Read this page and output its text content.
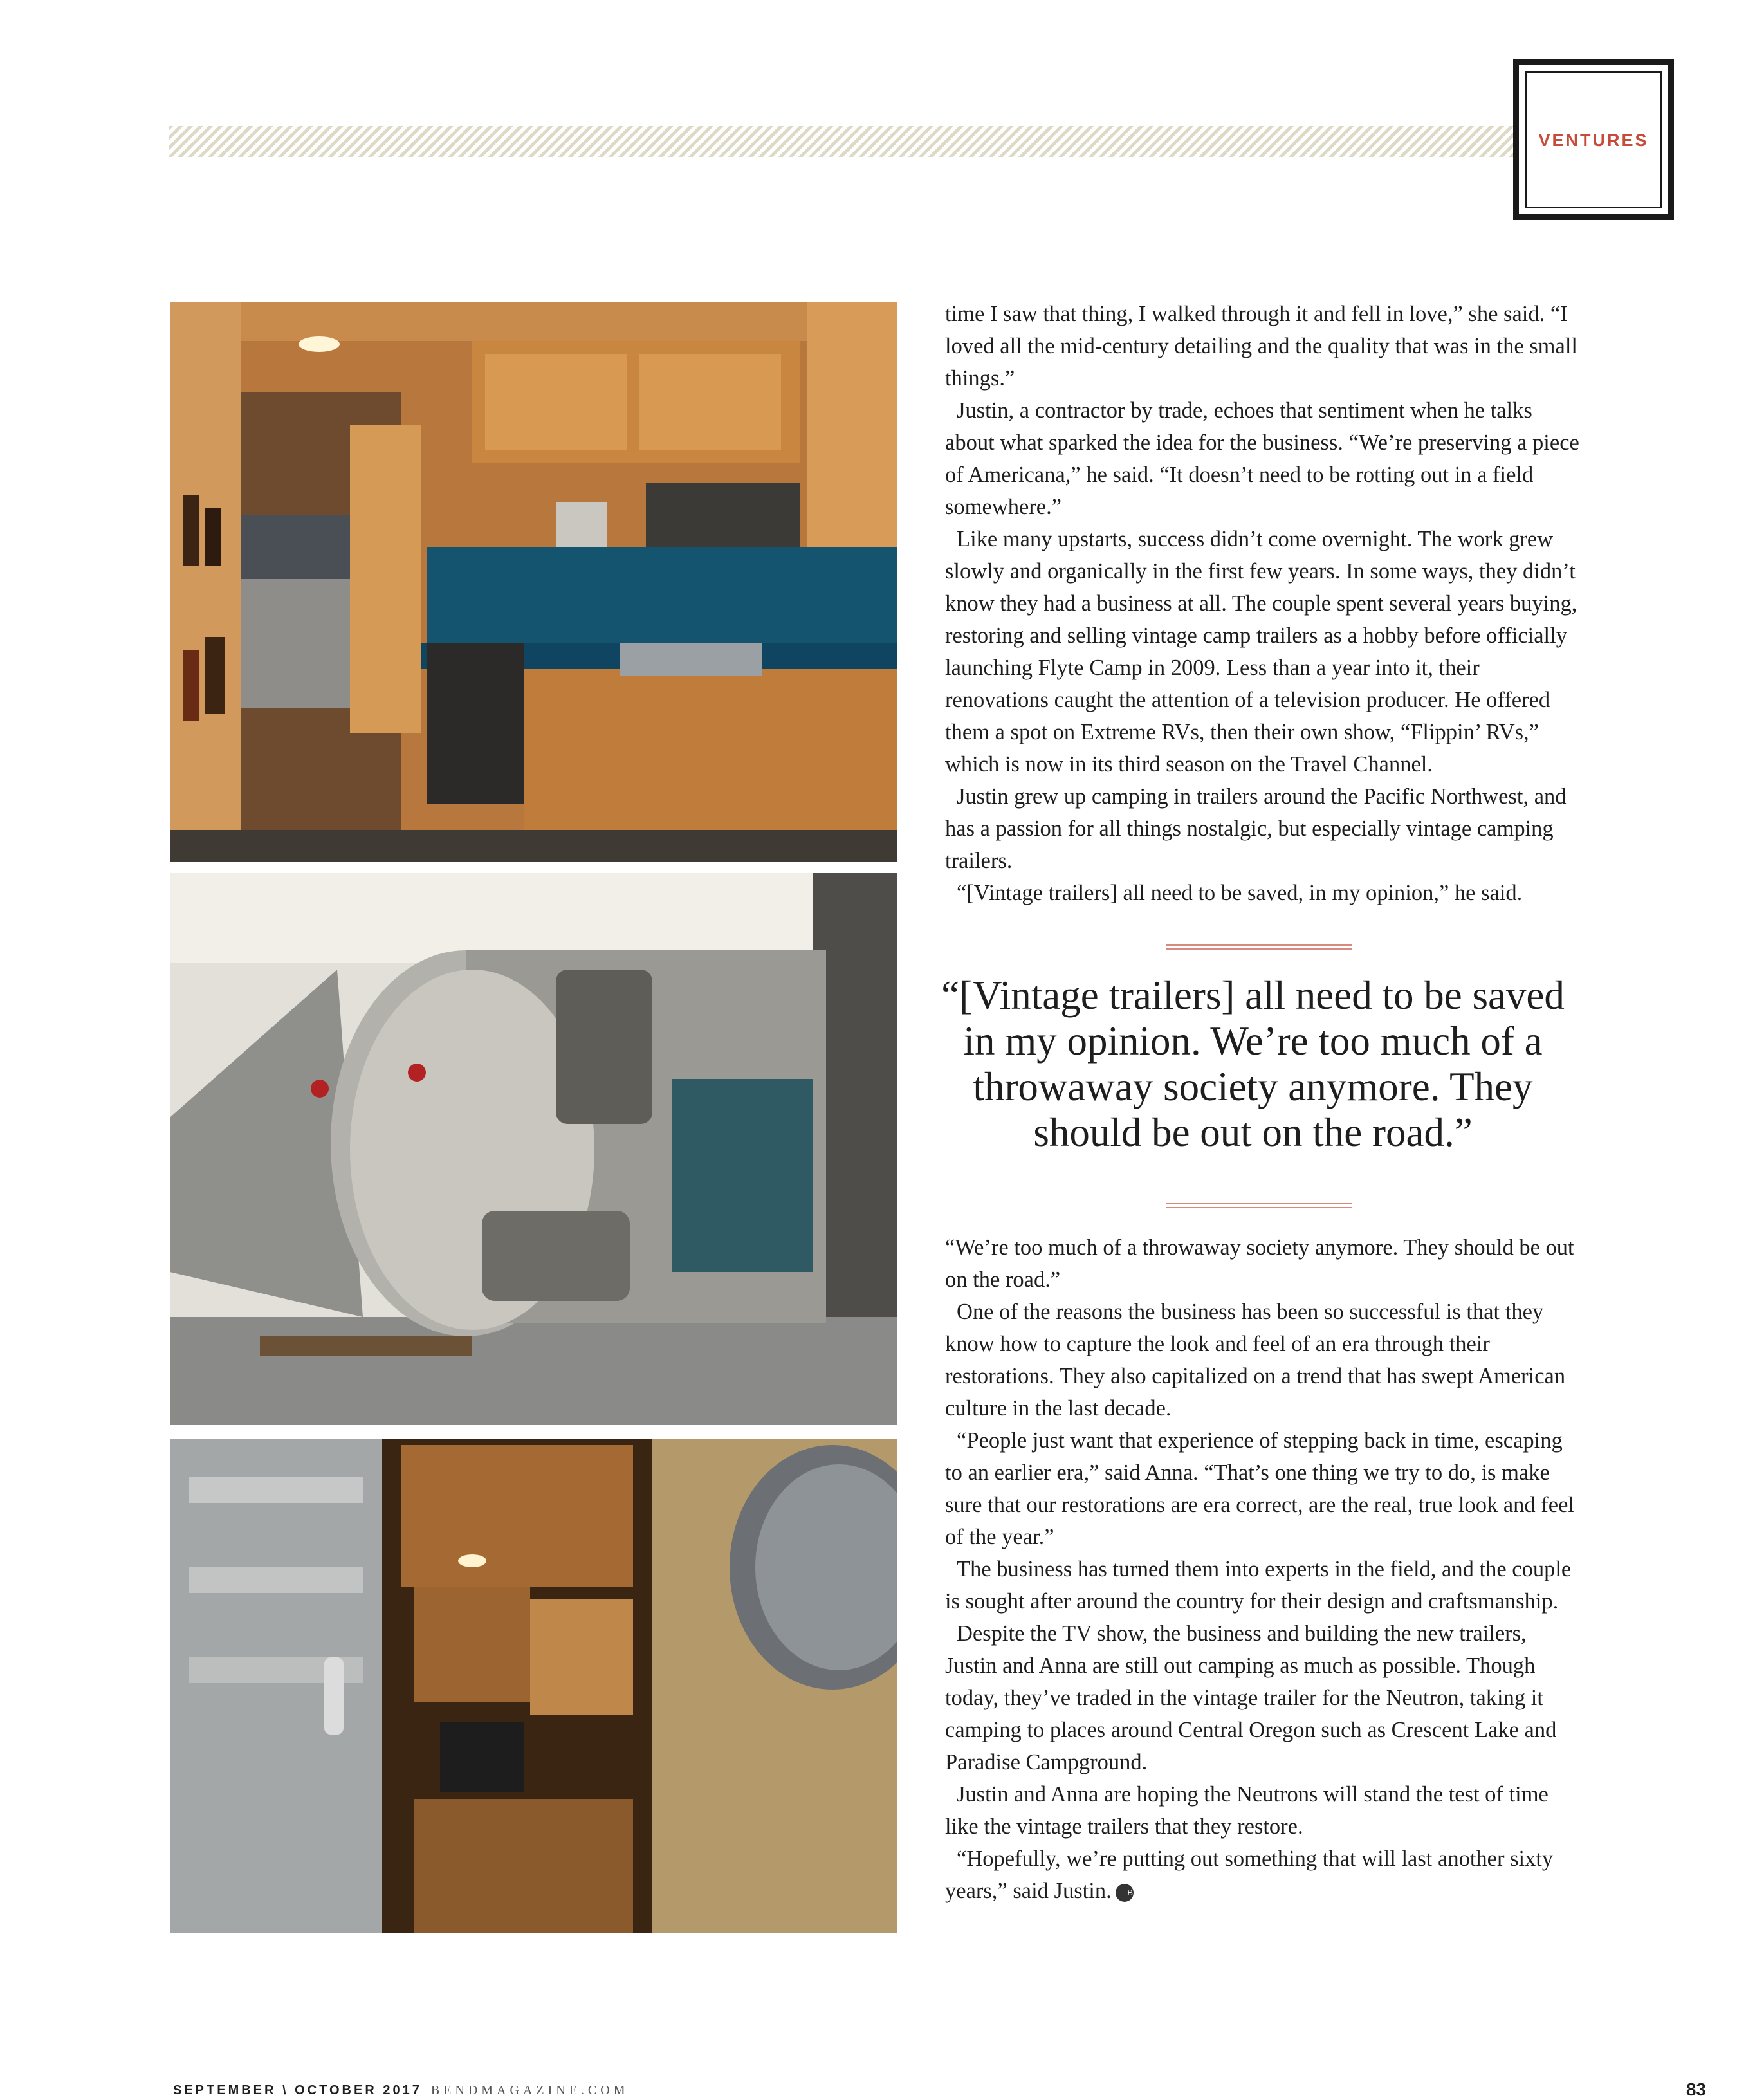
VENTURES

time I saw that thing, I walked through it and fell in love,” she said. “I loved all the mid-century detailing and the quality that was in the small things.”

Justin, a contractor by trade, echoes that sentiment when he talks about what sparked the idea for the business. “We’re preserving a piece of Americana,” he said. “It doesn’t need to be rotting out in a field somewhere.”

Like many upstarts, success didn’t come overnight. The work grew slowly and organically in the first few years. In some ways, they didn’t know they had a business at all. The couple spent several years buying, restoring and selling vintage camp trailers as a hobby before officially launching Flyte Camp in 2009. Less than a year into it, their renovations caught the attention of a television producer. He offered them a spot on Extreme RVs, then their own show, “Flippin’ RVs,” which is now in its third season on the Travel Channel.

Justin grew up camping in trailers around the Pacific Northwest, and has a passion for all things nostalgic, but especially vintage camping trailers.

“[Vintage trailers] all need to be saved, in my opinion,” he said.

“[Vintage trailers] all need to be saved in my opinion. We’re too much of a throwaway society anymore. They should be out on the road.”

“We’re too much of a throwaway society anymore. They should be out on the road.”

One of the reasons the business has been so successful is that they know how to capture the look and feel of an era through their restorations. They also capitalized on a trend that has swept American culture in the last decade.

“People just want that experience of stepping back in time, escaping to an earlier era,” said Anna. “That’s one thing we try to do, is make sure that our restorations are era correct, are the real, true look and feel of the year.”

The business has turned them into experts in the field, and the couple is sought after around the country for their design and craftsmanship.

Despite the TV show, the business and building the new trailers, Justin and Anna are still out camping as much as possible. Though today, they’ve traded in the vintage trailer for the Neutron, taking it camping to places around Central Oregon such as Crescent Lake and Paradise Campground.

Justin and Anna are hoping the Neutrons will stand the test of time like the vintage trailers that they restore.

“Hopefully, we’re putting out something that will last another sixty years,” said Justin. B

SEPTEMBER \ OCTOBER 2017 BENDMAGAZINE.COM	83
